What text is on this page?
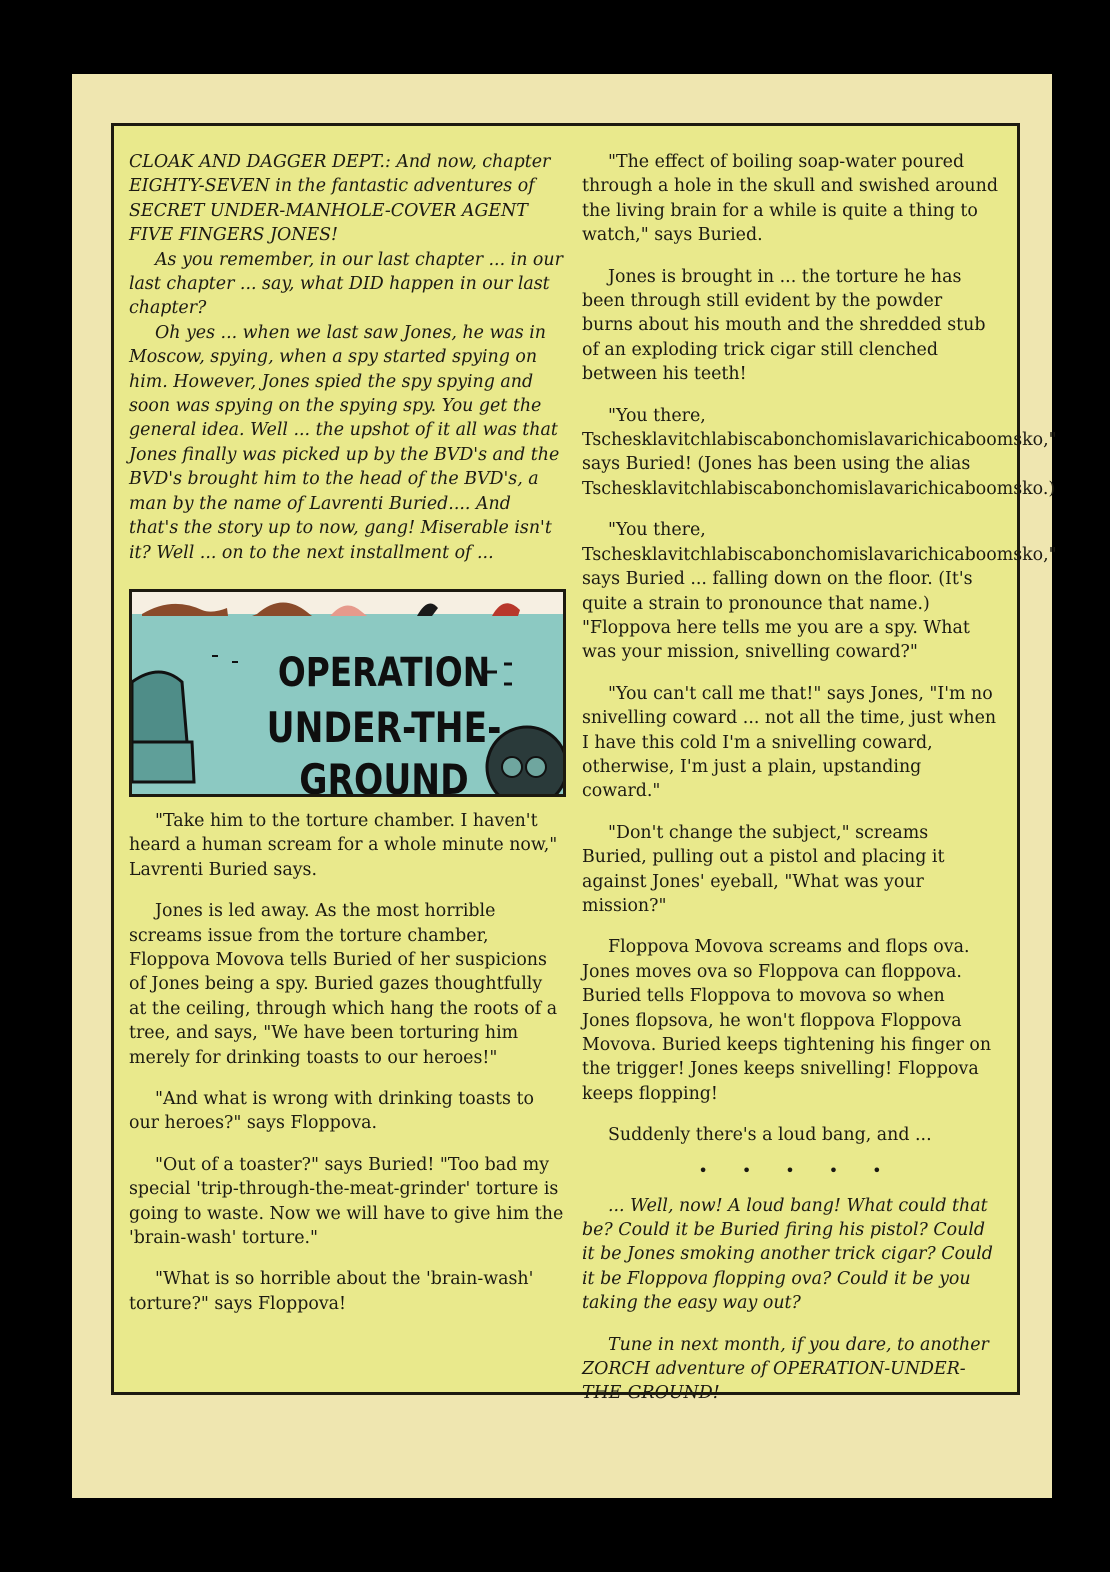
CLOAK AND DAGGER DEPT.: And now, chapter EIGHTY-SEVEN in the fantastic adventures of SECRET UNDER-MANHOLE-COVER AGENT FIVE FINGERS JONES!

As you remember, in our last chapter ... in our last chapter ... say, what DID happen in our last chapter?

Oh yes ... when we last saw Jones, he was in Moscow, spying, when a spy started spying on him. However, Jones spied the spy spying and soon was spying on the spying spy. You get the general idea. Well ... the upshot of it all was that Jones finally was picked up by the BVD's and the BVD's brought him to the head of the BVD's, a man by the name of Lavrenti Buried.... And that's the story up to now, gang! Miserable isn't it? Well ... on to the next installment of ...

OPERATION
UNDER-THE-GROUND

"Take him to the torture chamber. I haven't heard a human scream for a whole minute now," Lavrenti Buried says.

Jones is led away. As the most horrible screams issue from the torture chamber, Floppova Movova tells Buried of her suspicions of Jones being a spy. Buried gazes thoughtfully at the ceiling, through which hang the roots of a tree, and says, "We have been torturing him merely for drinking toasts to our heroes!"

"And what is wrong with drinking toasts to our heroes?" says Floppova.

"Out of a toaster?" says Buried! "Too bad my special 'trip-through-the-meat-grinder' torture is going to waste. Now we will have to give him the 'brain-wash' torture."

"What is so horrible about the 'brain-wash' torture?" says Floppova!

"The effect of boiling soap-water poured through a hole in the skull and swished around the living brain for a while is quite a thing to watch," says Buried.

Jones is brought in ... the torture he has been through still evident by the powder burns about his mouth and the shredded stub of an exploding trick cigar still clenched between his teeth!

"You there, Tschesklavitchlabiscabonchomislavarichicaboomsko," says Buried! (Jones has been using the alias Tschesklavitchlabiscabonchomislavarichicaboomsko.)

"You there, Tschesklavitchlabiscabonchomislavarichicaboomsko," says Buried ... falling down on the floor. (It's quite a strain to pronounce that name.) "Floppova here tells me you are a spy. What was your mission, snivelling coward?"

"You can't call me that!" says Jones, "I'm no snivelling coward ... not all the time, just when I have this cold I'm a snivelling coward, otherwise, I'm just a plain, upstanding coward."

"Don't change the subject," screams Buried, pulling out a pistol and placing it against Jones' eyeball, "What was your mission?"

Floppova Movova screams and flops ova. Jones moves ova so Floppova can floppova. Buried tells Floppova to movova so when Jones flopsova, he won't floppova Floppova Movova. Buried keeps tightening his finger on the trigger! Jones keeps snivelling! Floppova keeps flopping!

Suddenly there's a loud bang, and ...

• • • • •

... Well, now! A loud bang! What could that be? Could it be Buried firing his pistol? Could it be Jones smoking another trick cigar? Could it be Floppova flopping ova? Could it be you taking the easy way out?

Tune in next month, if you dare, to another ZORCH adventure of OPERATION-UNDER-THE-GROUND!
